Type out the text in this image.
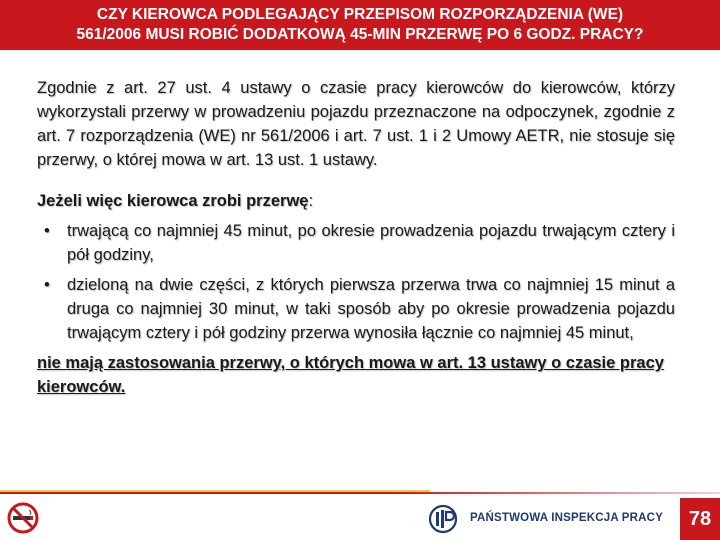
CZY KIEROWCA PODLEGAJĄCY PRZEPISOM ROZPORZĄDZENIA (WE)
561/2006 MUSI ROBIĆ DODATKOWĄ 45-MIN PRZERWĘ PO 6 GODZ. PRACY?

Zgodnie z art. 27 ust. 4 ustawy o czasie pracy kierowców do kierowców, którzy wykorzystali przerwy w prowadzeniu pojazdu przeznaczone na odpoczynek, zgodnie z art. 7 rozporządzenia (WE) nr 561/2006 i art. 7 ust. 1 i 2 Umowy AETR, nie stosuje się przerwy, o której mowa w art. 13 ust. 1 ustawy.

Jeżeli więc kierowca zrobi przerwę:

• trwającą co najmniej 45 minut, po okresie prowadzenia pojazdu trwającym cztery i pół godziny,
• dzieloną na dwie części, z których pierwsza przerwa trwa co najmniej 15 minut a druga co najmniej 30 minut, w taki sposób aby po okresie prowadzenia pojazdu trwającym cztery i pół godziny przerwa wynosiła łącznie co najmniej 45 minut,

nie mają zastosowania przerwy, o których mowa w art. 13 ustawy o czasie pracy kierowców.

PAŃSTWOWA INSPEKCJA PRACY	78
